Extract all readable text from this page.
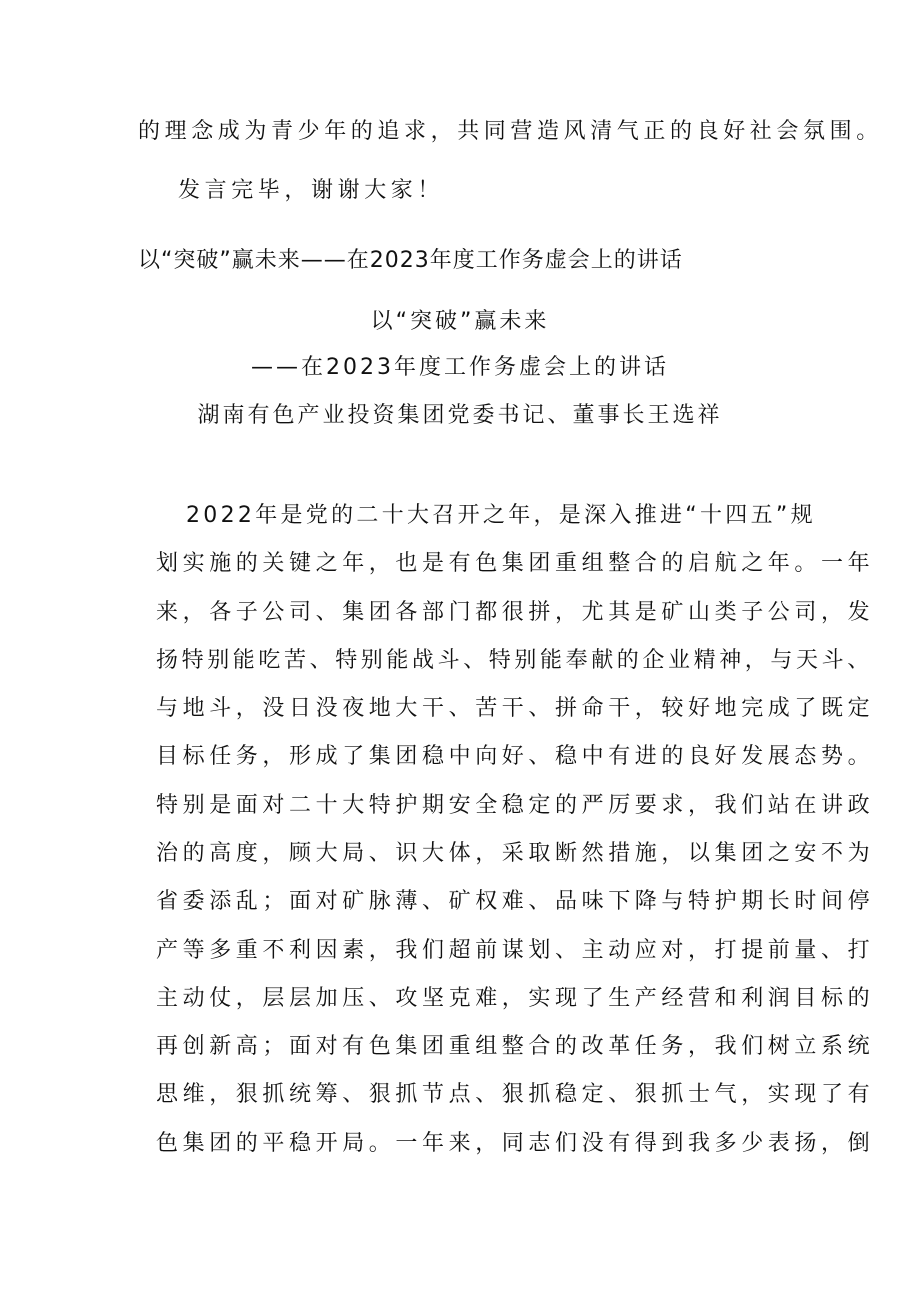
的理念成为青少年的追求，共同营造风清气正的良好社会氛围。

发言完毕，谢谢大家！

以“突破”赢未来——在2023年度工作务虚会上的讲话

以“突破”赢未来

——在2023年度工作务虚会上的讲话

湖南有色产业投资集团党委书记、董事长王选祥

2022年是党的二十大召开之年，是深入推进“十四五”规

划实施的关键之年，也是有色集团重组整合的启航之年。一年

来，各子公司、集团各部门都很拼，尤其是矿山类子公司，发

扬特别能吃苦、特别能战斗、特别能奉献的企业精神，与天斗、

与地斗，没日没夜地大干、苦干、拼命干，较好地完成了既定

目标任务，形成了集团稳中向好、稳中有进的良好发展态势。

特别是面对二十大特护期安全稳定的严厉要求，我们站在讲政

治的高度，顾大局、识大体，采取断然措施，以集团之安不为

省委添乱；面对矿脉薄、矿权难、品味下降与特护期长时间停

产等多重不利因素，我们超前谋划、主动应对，打提前量、打

主动仗，层层加压、攻坚克难，实现了生产经营和利润目标的

再创新高；面对有色集团重组整合的改革任务，我们树立系统

思维，狠抓统筹、狠抓节点、狠抓稳定、狠抓士气，实现了有

色集团的平稳开局。一年来，同志们没有得到我多少表扬，倒
